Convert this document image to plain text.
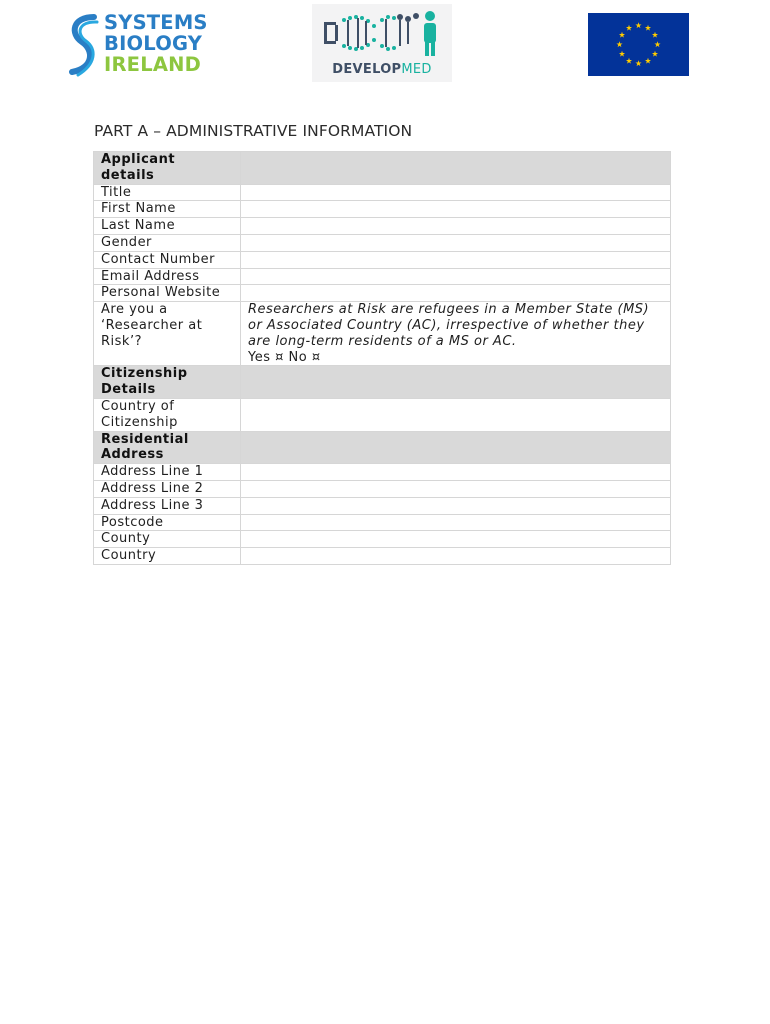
SYSTEMS
BIOLOGY
IRELAND	DEVELOPMED
PART A – ADMINISTRATIVE INFORMATION
Applicant details	
Title	
First Name	
Last Name	
Gender	
Contact Number	
Email Address	
Personal Website	
Are you a ‘Researcher at Risk’?	Researchers at Risk are refugees in a Member State (MS) or Associated Country (AC), irrespective of whether they are long-term residents of a MS or AC.
Yes ¤ No ¤

Citizenship Details	
Country of Citizenship	
Residential Address	
Address Line 1	
Address Line 2	
Address Line 3	
Postcode	
County	
Country	
